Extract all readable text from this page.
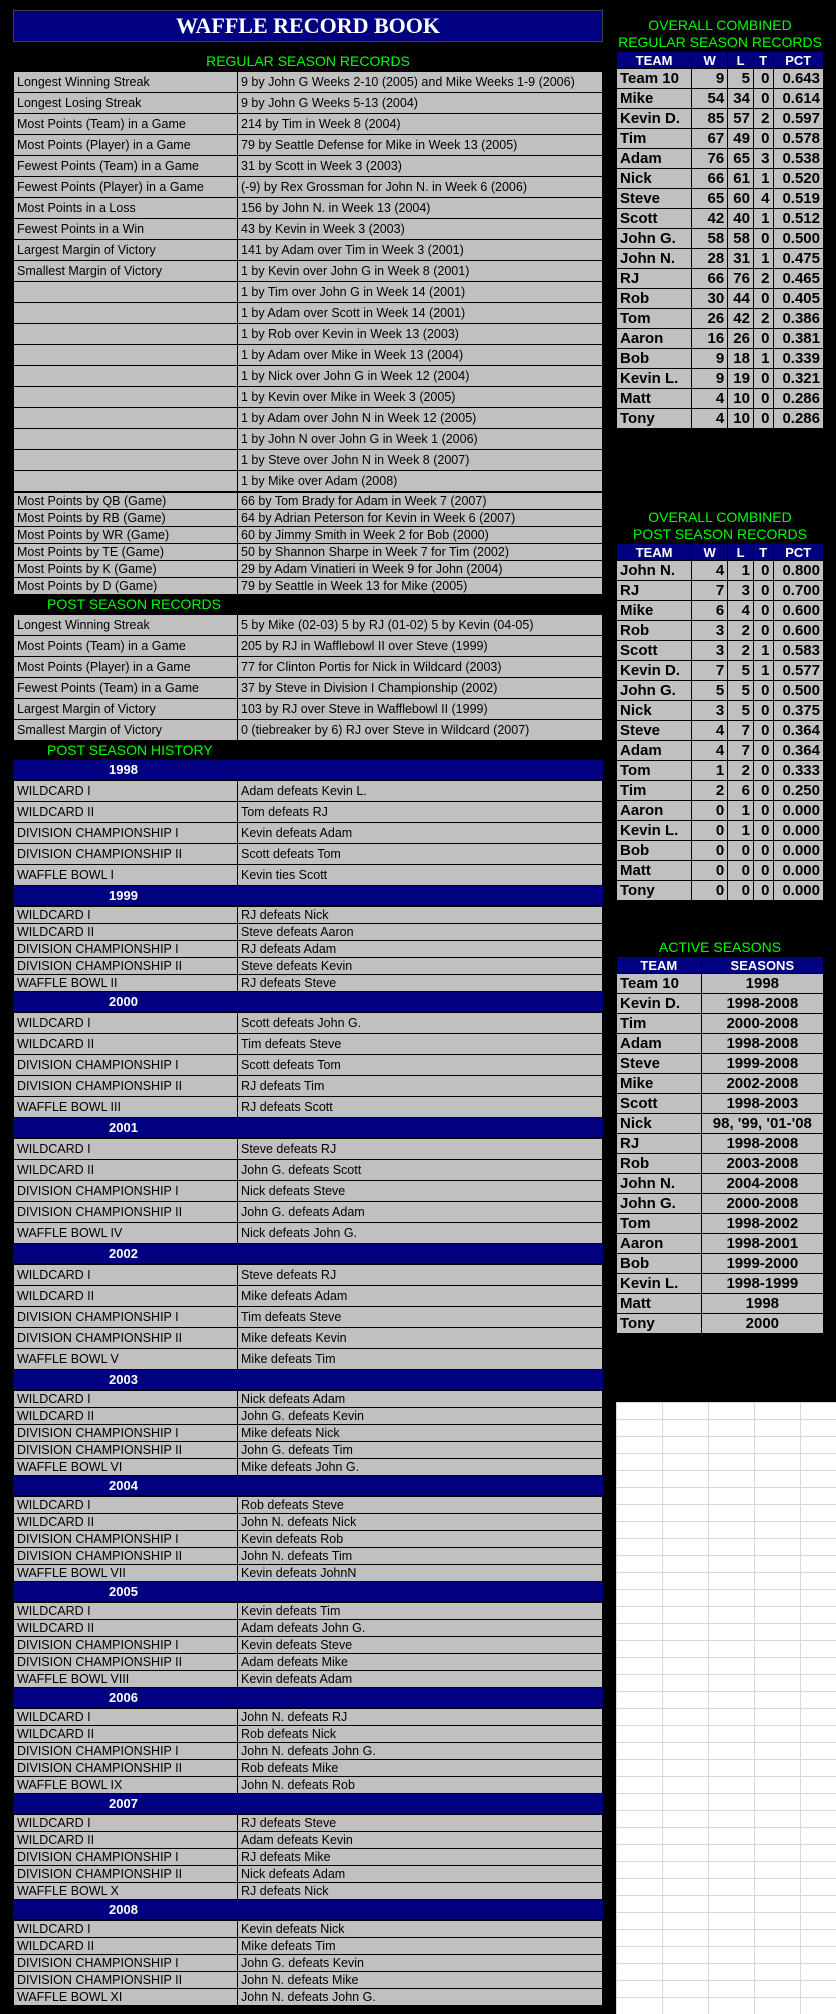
WAFFLE RECORD BOOK
REGULAR SEASON RECORDS
Longest Winning Streak	9 by John G Weeks 2-10 (2005) and Mike Weeks 1-9 (2006)
Longest Losing Streak	9 by John G Weeks 5-13 (2004)
Most Points (Team) in a Game	214 by Tim in Week 8 (2004)
Most Points (Player) in a Game	79 by Seattle Defense for Mike in Week 13 (2005)
Fewest Points (Team) in a Game	31 by Scott in Week 3 (2003)
Fewest Points (Player) in a Game	(-9) by Rex Grossman for John N. in Week 6 (2006)
Most Points in a Loss	156 by John N. in Week 13 (2004)
Fewest Points in a Win	43 by Kevin in Week 3 (2003)
Largest Margin of Victory	141 by Adam over Tim in Week 3 (2001)
Smallest Margin of Victory	1 by Kevin over John G in Week 8 (2001)
	1 by Tim over John G in Week 14 (2001)
	1 by Adam over Scott in Week 14 (2001)
	1 by Rob over Kevin in Week 13 (2003)
	1 by Adam over Mike in Week 13 (2004)
	1 by Nick over John G in Week 12 (2004)
	1 by Kevin over Mike in Week 3 (2005)
	1 by Adam over John N in Week 12 (2005)
	1 by John N over John G in Week 1 (2006)
	1 by Steve over John N in Week 8 (2007)
	1 by Mike over Adam (2008)
Most Points by QB (Game)	66 by Tom Brady for Adam in Week 7 (2007)
Most Points by RB (Game)	64 by Adrian Peterson for Kevin in Week 6 (2007)
Most Points by WR (Game)	60 by Jimmy Smith in Week 2 for Bob (2000)
Most Points by TE (Game)	50 by Shannon Sharpe in Week 7 for Tim (2002)
Most Points by K (Game)	29 by Adam Vinatieri in Week 9 for John (2004)
Most Points by D (Game)	79 by Seattle in Week 13 for Mike (2005)
POST SEASON RECORDS
Longest Winning Streak	5 by Mike (02-03) 5 by RJ (01-02) 5 by Kevin (04-05)
Most Points (Team) in a Game	205 by RJ in Wafflebowl II over Steve (1999)
Most Points (Player) in a Game	77 for Clinton Portis for Nick in Wildcard (2003)
Fewest Points (Team) in a Game	37 by Steve in Division I Championship (2002)
Largest Margin of Victory	103 by RJ over Steve in Wafflebowl II (1999)
Smallest Margin of Victory	0 (tiebreaker by 6) RJ over Steve in Wildcard (2007)
POST SEASON HISTORY
1998
WILDCARD I	Adam defeats Kevin L.
WILDCARD II	Tom defeats RJ
DIVISION CHAMPIONSHIP I	Kevin defeats Adam
DIVISION CHAMPIONSHIP II	Scott defeats Tom
WAFFLE BOWL I	Kevin ties Scott
1999
WILDCARD I	RJ defeats Nick
WILDCARD II	Steve defeats Aaron
DIVISION CHAMPIONSHIP I	RJ defeats Adam
DIVISION CHAMPIONSHIP II	Steve defeats Kevin
WAFFLE BOWL II	RJ defeats Steve
2000
WILDCARD I	Scott defeats John G.
WILDCARD II	Tim defeats Steve
DIVISION CHAMPIONSHIP I	Scott defeats Tom
DIVISION CHAMPIONSHIP II	RJ defeats Tim
WAFFLE BOWL III	RJ defeats Scott
2001
WILDCARD I	Steve defeats RJ
WILDCARD II	John G. defeats Scott
DIVISION CHAMPIONSHIP I	Nick defeats Steve
DIVISION CHAMPIONSHIP II	John G. defeats Adam
WAFFLE BOWL IV	Nick defeats John G.
2002
WILDCARD I	Steve defeats RJ
WILDCARD II	Mike defeats Adam
DIVISION CHAMPIONSHIP I	Tim defeats Steve
DIVISION CHAMPIONSHIP II	Mike defeats Kevin
WAFFLE BOWL V	Mike defeats Tim
2003
WILDCARD I	Nick defeats Adam
WILDCARD II	John G. defeats Kevin
DIVISION CHAMPIONSHIP I	Mike defeats Nick
DIVISION CHAMPIONSHIP II	John G. defeats Tim
WAFFLE BOWL VI	Mike defeats John G.
2004
WILDCARD I	Rob defeats Steve
WILDCARD II	John N. defeats Nick
DIVISION CHAMPIONSHIP I	Kevin defeats Rob
DIVISION CHAMPIONSHIP II	John N. defeats Tim
WAFFLE BOWL VII	Kevin defeats JohnN
2005
WILDCARD I	Kevin defeats Tim
WILDCARD II	Adam defeats John G.
DIVISION CHAMPIONSHIP I	Kevin defeats Steve
DIVISION CHAMPIONSHIP II	Adam defeats Mike
WAFFLE BOWL VIII	Kevin defeats Adam
2006
WILDCARD I	John N. defeats RJ
WILDCARD II	Rob defeats Nick
DIVISION CHAMPIONSHIP I	John N. defeats John G.
DIVISION CHAMPIONSHIP II	Rob defeats Mike
WAFFLE BOWL IX	John N. defeats Rob
2007
WILDCARD I	RJ defeats Steve
WILDCARD II	Adam defeats Kevin
DIVISION CHAMPIONSHIP I	RJ defeats Mike
DIVISION CHAMPIONSHIP II	Nick defeats Adam
WAFFLE BOWL X	RJ defeats Nick
2008
WILDCARD I	Kevin defeats Nick
WILDCARD II	Mike defeats Tim
DIVISION CHAMPIONSHIP I	John G. defeats Kevin
DIVISION CHAMPIONSHIP II	John N. defeats Mike
WAFFLE BOWL XI	John N. defeats John G.
OVERALL COMBINED
REGULAR SEASON RECORDS
TEAM	W	L	T	PCT
Team 10	9	5	0	0.643
Mike	54	34	0	0.614
Kevin D.	85	57	2	0.597
Tim	67	49	0	0.578
Adam	76	65	3	0.538
Nick	66	61	1	0.520
Steve	65	60	4	0.519
Scott	42	40	1	0.512
John G.	58	58	0	0.500
John N.	28	31	1	0.475
RJ	66	76	2	0.465
Rob	30	44	0	0.405
Tom	26	42	2	0.386
Aaron	16	26	0	0.381
Bob	9	18	1	0.339
Kevin L.	9	19	0	0.321
Matt	4	10	0	0.286
Tony	4	10	0	0.286
OVERALL COMBINED
POST SEASON RECORDS
TEAM	W	L	T	PCT
John N.	4	1	0	0.800
RJ	7	3	0	0.700
Mike	6	4	0	0.600
Rob	3	2	0	0.600
Scott	3	2	1	0.583
Kevin D.	7	5	1	0.577
John G.	5	5	0	0.500
Nick	3	5	0	0.375
Steve	4	7	0	0.364
Adam	4	7	0	0.364
Tom	1	2	0	0.333
Tim	2	6	0	0.250
Aaron	0	1	0	0.000
Kevin L.	0	1	0	0.000
Bob	0	0	0	0.000
Matt	0	0	0	0.000
Tony	0	0	0	0.000
ACTIVE SEASONS
TEAM	SEASONS
Team 10	1998
Kevin D.	1998-2008
Tim	2000-2008
Adam	1998-2008
Steve	1999-2008
Mike	2002-2008
Scott	1998-2003
Nick	98, '99, '01-'08
RJ	1998-2008
Rob	2003-2008
John N.	2004-2008
John G.	2000-2008
Tom	1998-2002
Aaron	1998-2001
Bob	1999-2000
Kevin L.	1998-1999
Matt	1998
Tony	2000
